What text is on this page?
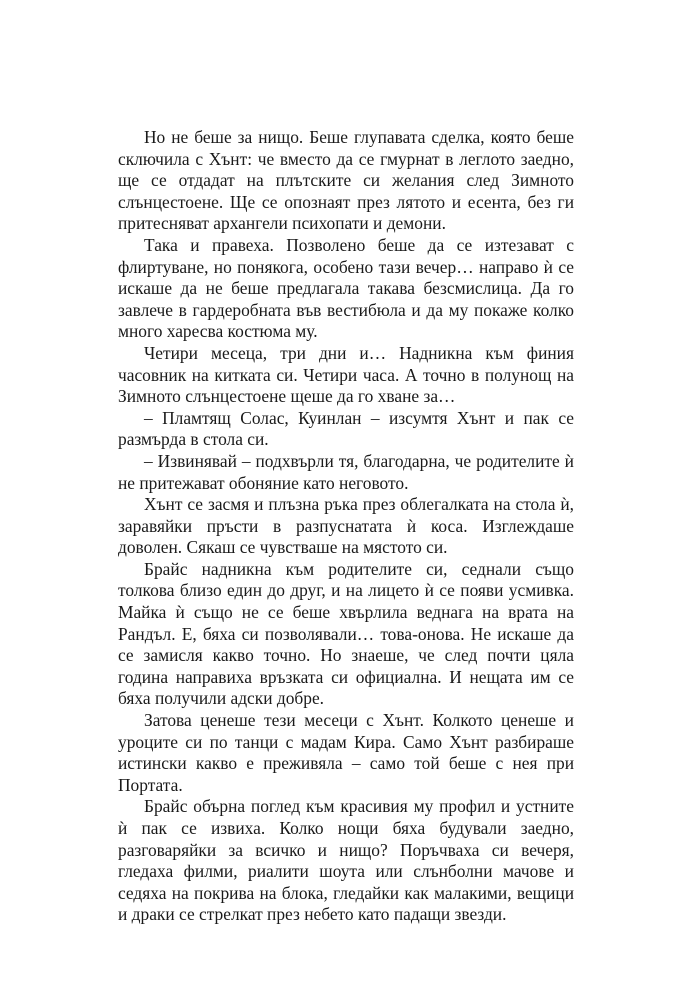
Но не беше за нищо. Беше глупавата сделка, която беше сключила с Хънт: че вместо да се гмурнат в леглото заедно, ще се отдадат на плътските си желания след Зимното слънцестоене. Ще се опознаят през лятото и есента, без ги притесняват архангели психопати и демони.

Така и правеха. Позволено беше да се изтезават с флиртуване, но понякога, особено тази вечер… направо ѝ се искаше да не беше предлагала такава безсмислица. Да го завлече в гардеробната във вестибюла и да му покаже колко много харесва костюма му.

Четири месеца, три дни и… Надникна към финия часовник на китката си. Четири часа. А точно в полунощ на Зимното слънцестоене щеше да го хване за…

– Пламтящ Солас, Куинлан – изсумтя Хънт и пак се размърда в стола си.

– Извинявай – подхвърли тя, благодарна, че родителите ѝ не притежават обоняние като неговото.

Хънт се засмя и плъзна ръка през облегалката на стола ѝ, заравяйки пръсти в разпуснатата ѝ коса. Изглеждаше доволен. Сякаш се чувстваше на мястото си.

Брайс надникна към родителите си, седнали също толкова близо един до друг, и на лицето ѝ се появи усмивка. Майка ѝ също не се беше хвърлила веднага на врата на Рандъл. Е, бяха си позволявали… това-онова. Не искаше да се замисля какво точно. Но знаеше, че след почти цяла година направиха връзката си официална. И нещата им се бяха получили адски добре.

Затова ценеше тези месеци с Хънт. Колкото ценеше и уроците си по танци с мадам Кира. Само Хънт разбираше истински какво е преживяла – само той беше с нея при Портата.

Брайс обърна поглед към красивия му профил и устните ѝ пак се извиха. Колко нощи бяха будували заедно, разговаряйки за всичко и нищо? Поръчваха си вечеря, гледаха филми, риалити шоута или слънболни мачове и седяха на покрива на блока, гледайки как малакими, вещици и драки се стрелкат през небето като падащи звезди.
